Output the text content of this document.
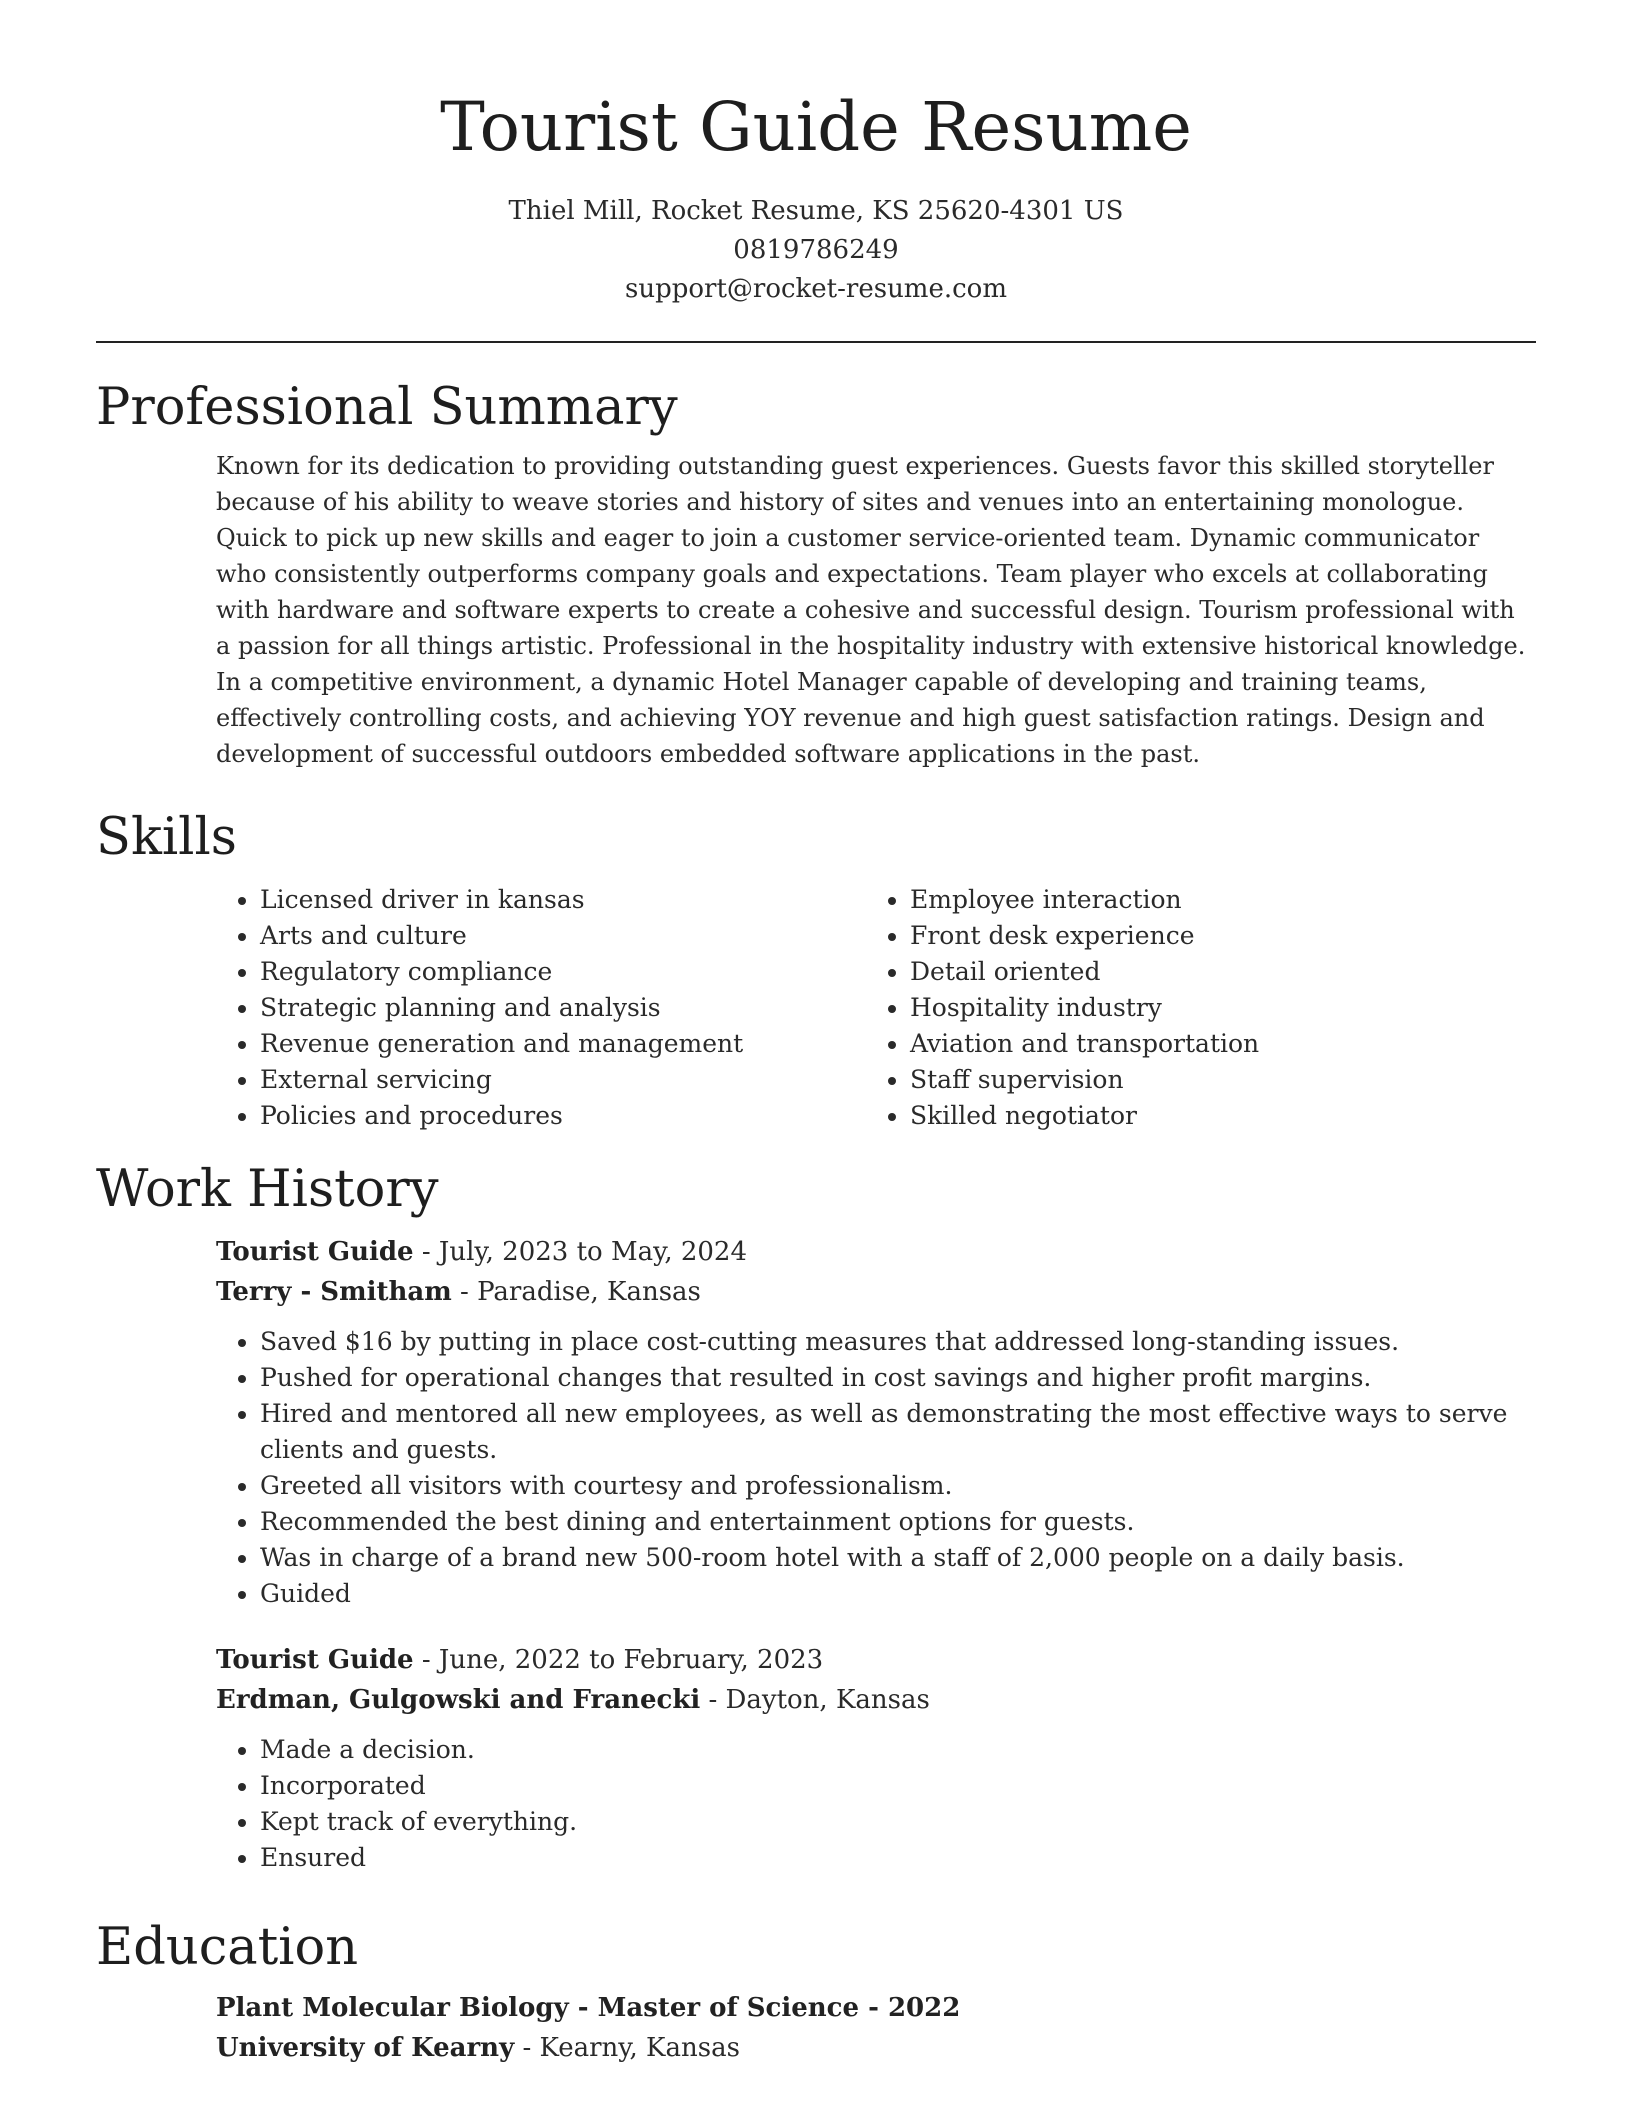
Tourist Guide Resume
Thiel Mill, Rocket Resume, KS 25620-4301 US
0819786249
support@rocket-resume.com
Professional Summary

Known for its dedication to providing outstanding guest experiences. Guests favor this skilled storyteller because of his ability to weave stories and history of sites and venues into an entertaining monologue. Quick to pick up new skills and eager to join a customer service-oriented team. Dynamic communicator who consistently outperforms company goals and expectations. Team player who excels at collaborating with hardware and software experts to create a cohesive and successful design. Tourism professional with a passion for all things artistic. Professional in the hospitality industry with extensive historical knowledge. In a competitive environment, a dynamic Hotel Manager capable of developing and training teams, effectively controlling costs, and achieving YOY revenue and high guest satisfaction ratings. Design and development of successful outdoors embedded software applications in the past.

Skills
• Licensed driver in kansas
• Arts and culture
• Regulatory compliance
• Strategic planning and analysis
• Revenue generation and management
• External servicing
• Policies and procedures
• Employee interaction
• Front desk experience
• Detail oriented
• Hospitality industry
• Aviation and transportation
• Staff supervision
• Skilled negotiator
Work History
Tourist Guide - July, 2023 to May, 2024
Terry - Smitham - Paradise, Kansas
• Saved $16 by putting in place cost-cutting measures that addressed long-standing issues.
• Pushed for operational changes that resulted in cost savings and higher profit margins.
• Hired and mentored all new employees, as well as demonstrating the most effective ways to serve clients and guests.
• Greeted all visitors with courtesy and professionalism.
• Recommended the best dining and entertainment options for guests.
• Was in charge of a brand new 500-room hotel with a staff of 2,000 people on a daily basis.
• Guided
Tourist Guide - June, 2022 to February, 2023
Erdman, Gulgowski and Franecki - Dayton, Kansas
• Made a decision.
• Incorporated
• Kept track of everything.
• Ensured
Education
Plant Molecular Biology - Master of Science - 2022
University of Kearny - Kearny, Kansas
